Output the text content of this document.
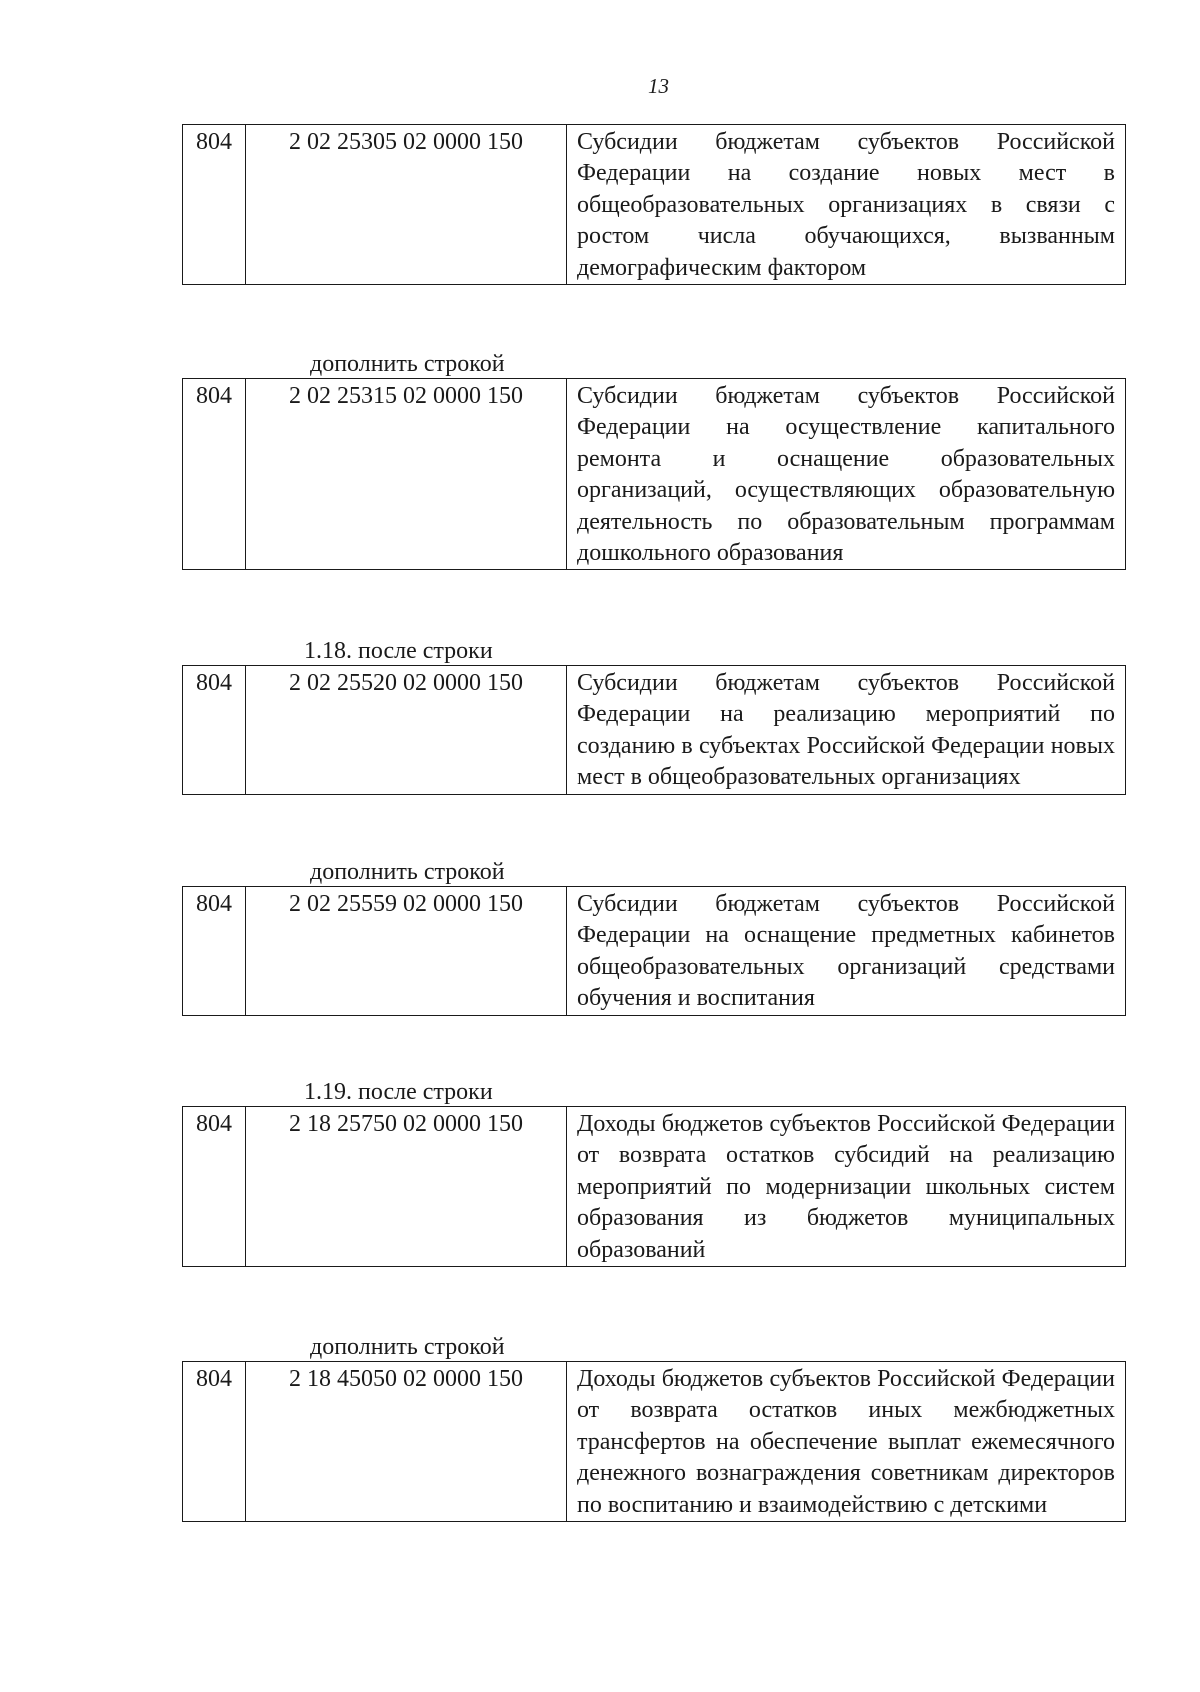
13
804	2 02 25305 02 0000 150	Субсидии бюджетам субъектов Российской Федерации на создание новых мест в общеобразовательных организациях в связи с ростом числа обучающихся, вызванным демографическим фактором
дополнить строкой
804	2 02 25315 02 0000 150	Субсидии бюджетам субъектов Российской Федерации на осуществление капитального ремонта и оснащение образовательных организаций, осуществляющих образовательную деятельность по образовательным программам дошкольного образования
1.18. после строки
804	2 02 25520 02 0000 150	Субсидии бюджетам субъектов Российской Федерации на реализацию мероприятий по созданию в субъектах Российской Федерации новых мест в общеобразовательных организациях
дополнить строкой
804	2 02 25559 02 0000 150	Субсидии бюджетам субъектов Российской Федерации на оснащение предметных кабинетов общеобразовательных организаций средствами обучения и воспитания
1.19. после строки
804	2 18 25750 02 0000 150	Доходы бюджетов субъектов Российской Федерации от возврата остатков субсидий на реализацию мероприятий по модернизации школьных систем образования из бюджетов муниципальных образований
дополнить строкой
804	2 18 45050 02 0000 150	Доходы бюджетов субъектов Российской Федерации от возврата остатков иных межбюджетных трансфертов на обеспечение выплат ежемесячного денежного вознаграждения советникам директоров по воспитанию и взаимодействию с детскими
